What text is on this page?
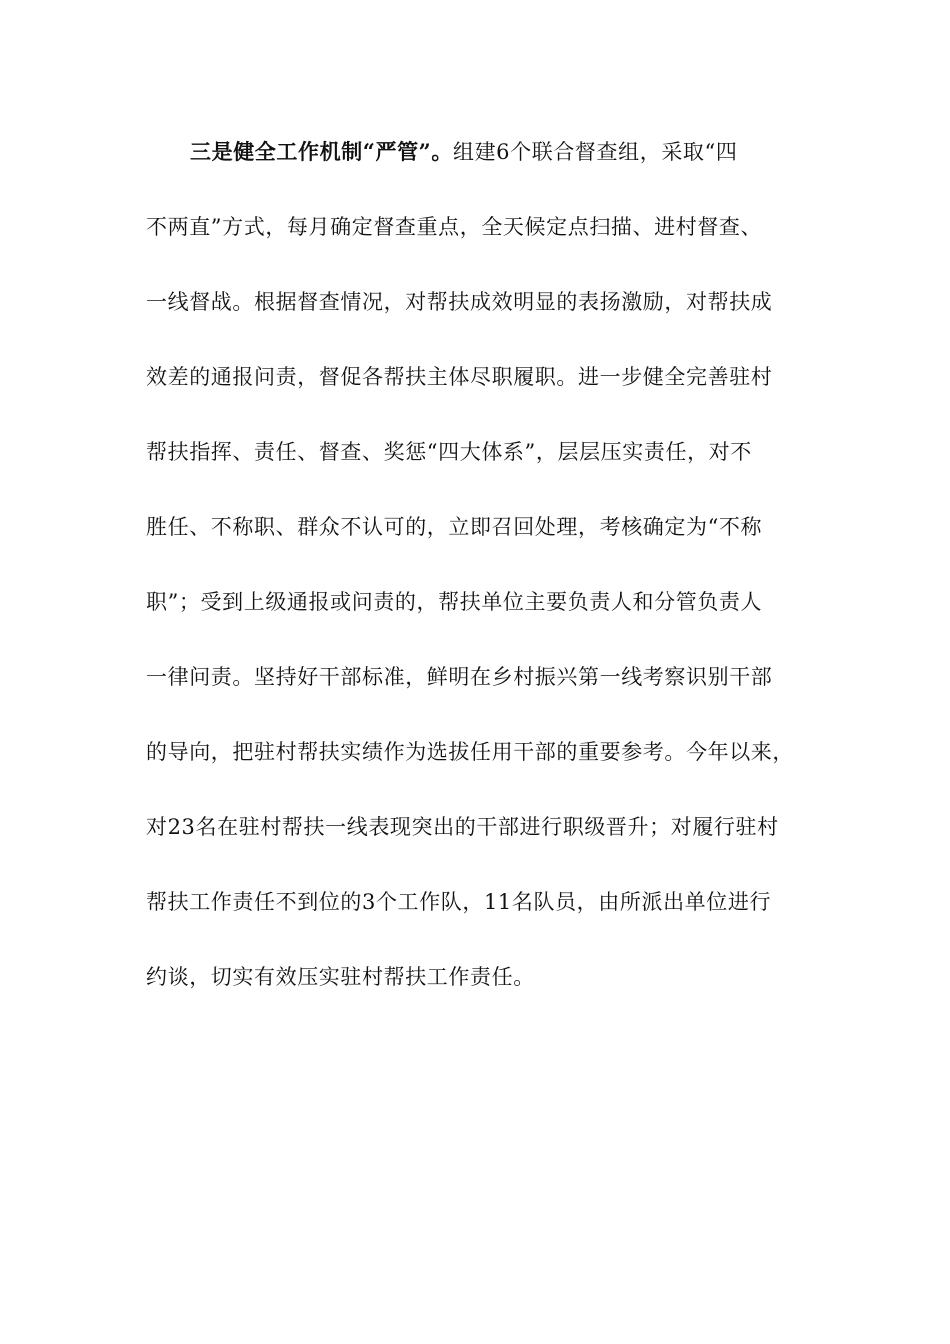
三是健全工作机制“严管”。组建6个联合督查组，采取“四
不两直”方式，每月确定督查重点，全天候定点扫描、进村督查、
一线督战。根据督查情况，对帮扶成效明显的表扬激励，对帮扶成
效差的通报问责，督促各帮扶主体尽职履职。进一步健全完善驻村
帮扶指挥、责任、督查、奖惩“四大体系”，层层压实责任，对不
胜任、不称职、群众不认可的，立即召回处理，考核确定为“不称
职”；受到上级通报或问责的，帮扶单位主要负责人和分管负责人
一律问责。坚持好干部标准，鲜明在乡村振兴第一线考察识别干部
的导向，把驻村帮扶实绩作为选拔任用干部的重要参考。今年以来，
对23名在驻村帮扶一线表现突出的干部进行职级晋升；对履行驻村
帮扶工作责任不到位的3个工作队，11名队员，由所派出单位进行
约谈，切实有效压实驻村帮扶工作责任。
